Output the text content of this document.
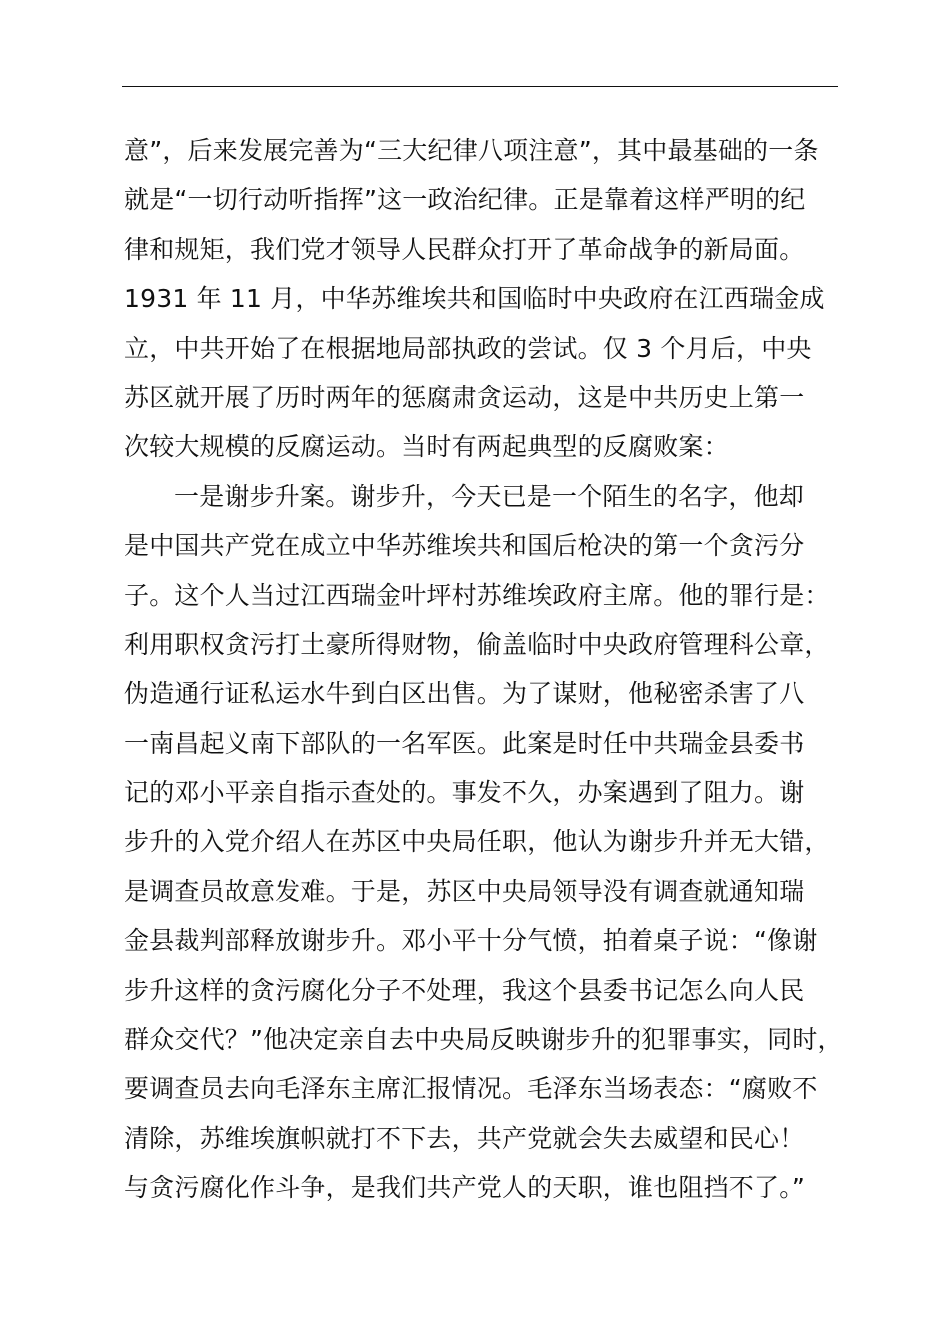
意”，后来发展完善为“三大纪律八项注意”，其中最基础的一条
就是“一切行动听指挥”这一政治纪律。正是靠着这样严明的纪
律和规矩，我们党才领导人民群众打开了革命战争的新局面。
1931 年 11 月，中华苏维埃共和国临时中央政府在江西瑞金成
立，中共开始了在根据地局部执政的尝试。仅 3 个月后，中央
苏区就开展了历时两年的惩腐肃贪运动，这是中共历史上第一
次较大规模的反腐运动。当时有两起典型的反腐败案：
一是谢步升案。谢步升，今天已是一个陌生的名字，他却
是中国共产党在成立中华苏维埃共和国后枪决的第一个贪污分
子。这个人当过江西瑞金叶坪村苏维埃政府主席。他的罪行是：
利用职权贪污打土豪所得财物，偷盖临时中央政府管理科公章，
伪造通行证私运水牛到白区出售。为了谋财，他秘密杀害了八
一南昌起义南下部队的一名军医。此案是时任中共瑞金县委书
记的邓小平亲自指示查处的。事发不久，办案遇到了阻力。谢
步升的入党介绍人在苏区中央局任职，他认为谢步升并无大错，
是调查员故意发难。于是，苏区中央局领导没有调查就通知瑞
金县裁判部释放谢步升。邓小平十分气愤，拍着桌子说：“像谢
步升这样的贪污腐化分子不处理，我这个县委书记怎么向人民
群众交代？”他决定亲自去中央局反映谢步升的犯罪事实，同时，
要调查员去向毛泽东主席汇报情况。毛泽东当场表态：“腐败不
清除，苏维埃旗帜就打不下去，共产党就会失去威望和民心！
与贪污腐化作斗争，是我们共产党人的天职，谁也阻挡不了。”
